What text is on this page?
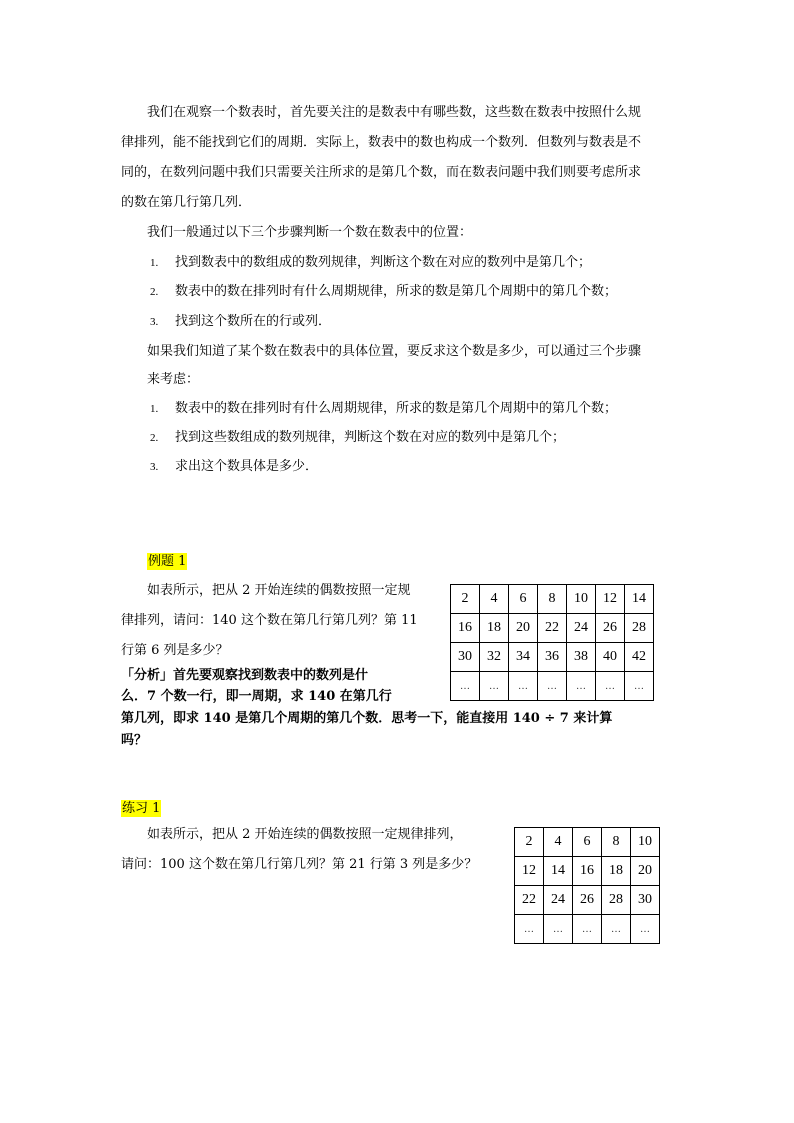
我们在观察一个数表时，首先要关注的是数表中有哪些数，这些数在数表中按照什么规
律排列，能不能找到它们的周期．实际上，数表中的数也构成一个数列．但数列与数表是不
同的，在数列问题中我们只需要关注所求的是第几个数，而在数表问题中我们则要考虑所求
的数在第几行第几列．
我们一般通过以下三个步骤判断一个数在数表中的位置：
1. 找到数表中的数组成的数列规律，判断这个数在对应的数列中是第几个；
2. 数表中的数在排列时有什么周期规律，所求的数是第几个周期中的第几个数；
3. 找到这个数所在的行或列．
如果我们知道了某个数在数表中的具体位置，要反求这个数是多少，可以通过三个步骤
来考虑：
1. 数表中的数在排列时有什么周期规律，所求的数是第几个周期中的第几个数；
2. 找到这些数组成的数列规律，判断这个数在对应的数列中是第几个；
3. 求出这个数具体是多少．
例题 1
如表所示，把从 2 开始连续的偶数按照一定规
律排列，请问：140 这个数在第几行第几列？第 11
行第 6 列是多少？
「分析」首先要观察找到数表中的数列是什
么．7 个数一行，即一周期，求 140 在第几行
第几列，即求 140 是第几个周期的第几个数．思考一下，能直接用 140 ÷ 7 来计算
吗？
2	4	6	8	10	12	14
16	18	20	22	24	26	28
30	32	34	36	38	40	42
…	…	…	…	…	…	…
练习 1
如表所示，把从 2 开始连续的偶数按照一定规律排列，
请问：100 这个数在第几行第几列？第 21 行第 3 列是多少？
2	4	6	8	10
12	14	16	18	20
22	24	26	28	30
…	…	…	…	…
